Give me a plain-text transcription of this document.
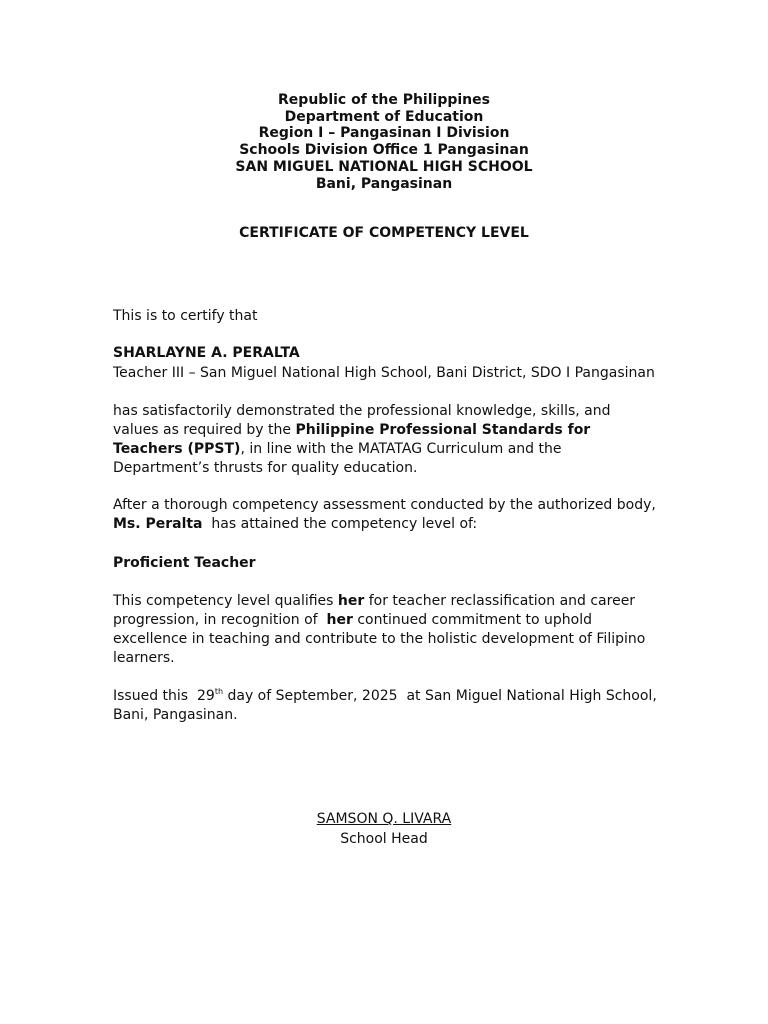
Republic of the Philippines
Department of Education
Region I – Pangasinan I Division
Schools Division Office 1 Pangasinan
SAN MIGUEL NATIONAL HIGH SCHOOL
Bani, Pangasinan
CERTIFICATE OF COMPETENCY LEVEL

This is to certify that

SHARLAYNE A. PERALTA

Teacher III – San Miguel National High School, Bani District, SDO I Pangasinan

has satisfactorily demonstrated the professional knowledge, skills, and values as required by the Philippine Professional Standards for Teachers (PPST), in line with the MATATAG Curriculum and the Department’s thrusts for quality education.

After a thorough competency assessment conducted by the authorized body, Ms. Peralta  has attained the competency level of:

Proficient Teacher

This competency level qualifies her for teacher reclassification and career progression, in recognition of  her continued commitment to uphold excellence in teaching and contribute to the holistic development of Filipino learners.

Issued this  29th day of September, 2025  at San Miguel National High School, Bani, Pangasinan.

SAMSON Q. LIVARA
School Head
